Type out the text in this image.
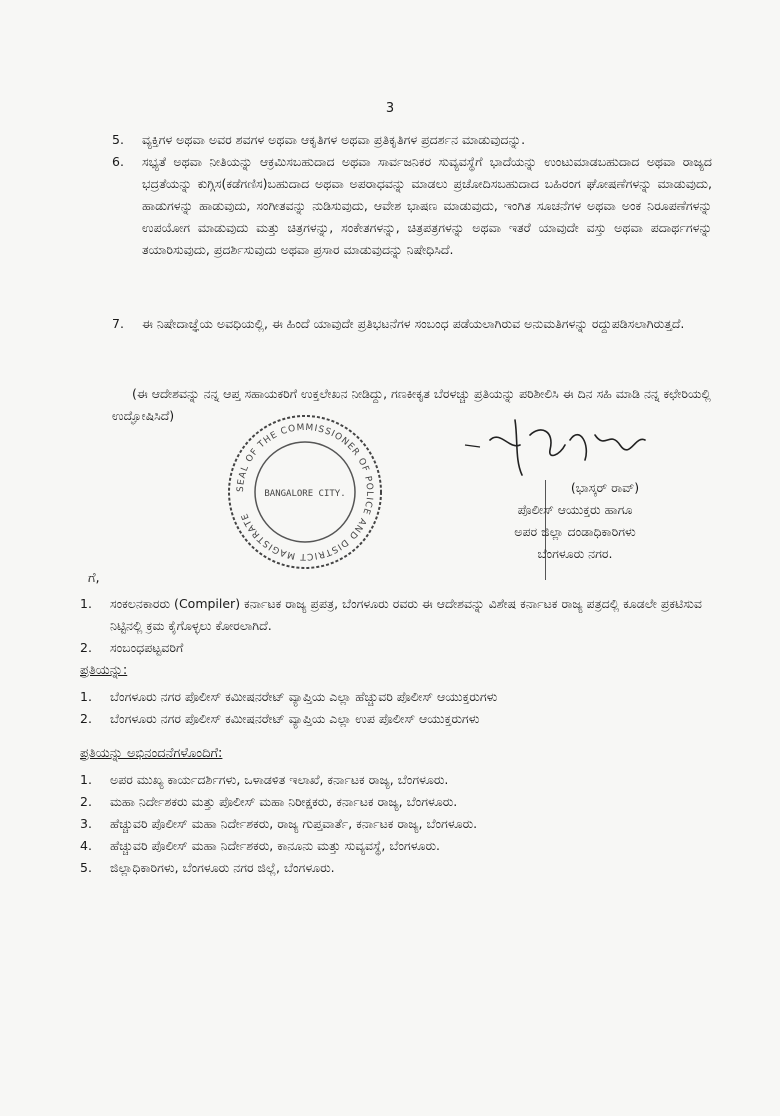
3
5. ವ್ಯಕ್ತಿಗಳ ಅಥವಾ ಅವರ ಶವಗಳ ಅಥವಾ ಆಕೃತಿಗಳ ಅಥವಾ ಪ್ರತಿಕೃತಿಗಳ ಪ್ರದರ್ಶನ ಮಾಡುವುದನ್ನು.
6. ಸಭ್ಯತೆ ಅಥವಾ ನೀತಿಯನ್ನು ಆಕ್ರಮಿಸಬಹುದಾದ ಅಥವಾ ಸಾರ್ವಜನಿಕರ ಸುವ್ಯವಸ್ಥೆಗೆ ಭಾದೆಯನ್ನು ಉಂಟುಮಾಡಬಹುದಾದ ಅಥವಾ ರಾಜ್ಯದ ಭದ್ರತೆಯನ್ನು ಕುಗ್ಗಿಸ(ಕಡೆಗಣಿಸ)ಬಹುದಾದ ಅಥವಾ ಅಪರಾಧವನ್ನು ಮಾಡಲು ಪ್ರಚೋದಿಸಬಹುದಾದ ಬಹಿರಂಗ ಘೋಷಣೆಗಳನ್ನು ಮಾಡುವುದು, ಹಾಡುಗಳನ್ನು ಹಾಡುವುದು, ಸಂಗೀತವನ್ನು ನುಡಿಸುವುದು, ಆವೇಶ ಭಾಷಣ ಮಾಡುವುದು, ಇಂಗಿತ ಸೂಚನೆಗಳ ಅಥವಾ ಅಂಕ ನಿರೂಪಣೆಗಳನ್ನು ಉಪಯೋಗ ಮಾಡುವುದು ಮತ್ತು ಚಿತ್ರಗಳನ್ನು, ಸಂಕೇತಗಳನ್ನು, ಚಿತ್ರಪತ್ರಗಳನ್ನು ಅಥವಾ ಇತರೆ ಯಾವುದೇ ವಸ್ತು ಅಥವಾ ಪದಾರ್ಥಗಳನ್ನು ತಯಾರಿಸುವುದು, ಪ್ರದರ್ಶಿಸುವುದು ಅಥವಾ ಪ್ರಸಾರ ಮಾಡುವುದನ್ನು ನಿಷೇಧಿಸಿದೆ.
7. ಈ ನಿಷೇದಾಜ್ಞೆಯ ಅವಧಿಯಲ್ಲಿ, ಈ ಹಿಂದೆ ಯಾವುದೇ ಪ್ರತಿಭಟನೆಗಳ ಸಂಬಂಧ ಪಡೆಯಲಾಗಿರುವ ಅನುಮತಿಗಳನ್ನು ರದ್ದುಪಡಿಸಲಾಗಿರುತ್ತದೆ.
(ಈ ಆದೇಶವನ್ನು ನನ್ನ ಆಪ್ತ ಸಹಾಯಕರಿಗೆ ಉಕ್ತಲೇಖನ ನೀಡಿದ್ದು, ಗಣಕೀಕೃತ ಬೆರಳಚ್ಚು ಪ್ರತಿಯನ್ನು ಪರಿಶೀಲಿಸಿ ಈ ದಿನ ಸಹಿ ಮಾಡಿ ನನ್ನ ಕಛೇರಿಯಲ್ಲಿ ಉದ್ಘೋಷಿಸಿದೆ)
SEAL OF THE COMMISSIONER OF POLICE AND DISTRICT MAGISTRATE
BANGALORE CITY.	(ಭಾಸ್ಕರ್ ರಾವ್)
ಪೊಲೀಸ್ ಆಯುಕ್ತರು ಹಾಗೂ
ಅಪರ ಜಿಲ್ಲಾ ದಂಡಾಧಿಕಾರಿಗಳು
ಬೆಂಗಳೂರು ನಗರ.
ಗೆ,
1. ಸಂಕಲನಕಾರರು (Compiler) ಕರ್ನಾಟಕ ರಾಜ್ಯ ಪ್ರಪತ್ರ, ಬೆಂಗಳೂರು ರವರು ಈ ಆದೇಶವನ್ನು ವಿಶೇಷ ಕರ್ನಾಟಕ ರಾಜ್ಯ ಪತ್ರದಲ್ಲಿ ಕೂಡಲೇ ಪ್ರಕಟಿಸುವ ನಿಟ್ಟಿನಲ್ಲಿ ಕ್ರಮ ಕೈಗೊಳ್ಳಲು ಕೋರಲಾಗಿದೆ.
2. ಸಂಬಂಧಪಟ್ಟವರಿಗೆ
ಪ್ರತಿಯನ್ನು:
1. ಬೆಂಗಳೂರು ನಗರ ಪೊಲೀಸ್ ಕಮೀಷನರೇಟ್ ವ್ಯಾಪ್ತಿಯ ಎಲ್ಲಾ ಹೆಚ್ಚುವರಿ ಪೊಲೀಸ್ ಆಯುಕ್ತರುಗಳು
2. ಬೆಂಗಳೂರು ನಗರ ಪೊಲೀಸ್ ಕಮೀಷನರೇಟ್ ವ್ಯಾಪ್ತಿಯ ಎಲ್ಲಾ ಉಪ ಪೊಲೀಸ್ ಆಯುಕ್ತರುಗಳು
ಪ್ರತಿಯನ್ನು ಅಭಿನಂದನೆಗಳೊಂದಿಗೆ:
1. ಅಪರ ಮುಖ್ಯ ಕಾರ್ಯದರ್ಶಿಗಳು, ಒಳಾಡಳಿತ ಇಲಾಖೆ, ಕರ್ನಾಟಕ ರಾಜ್ಯ, ಬೆಂಗಳೂರು.
2. ಮಹಾ ನಿರ್ದೇಶಕರು ಮತ್ತು ಪೊಲೀಸ್ ಮಹಾ ನಿರೀಕ್ಷಕರು, ಕರ್ನಾಟಕ ರಾಜ್ಯ, ಬೆಂಗಳೂರು.
3. ಹೆಚ್ಚುವರಿ ಪೊಲೀಸ್ ಮಹಾ ನಿರ್ದೇಶಕರು, ರಾಜ್ಯ ಗುಪ್ತವಾರ್ತೆ, ಕರ್ನಾಟಕ ರಾಜ್ಯ, ಬೆಂಗಳೂರು.
4. ಹೆಚ್ಚುವರಿ ಪೊಲೀಸ್ ಮಹಾ ನಿರ್ದೇಶಕರು, ಕಾನೂನು ಮತ್ತು ಸುವ್ಯವಸ್ಥೆ, ಬೆಂಗಳೂರು.
5. ಜಿಲ್ಲಾಧಿಕಾರಿಗಳು, ಬೆಂಗಳೂರು ನಗರ ಜಿಲ್ಲೆ, ಬೆಂಗಳೂರು.
